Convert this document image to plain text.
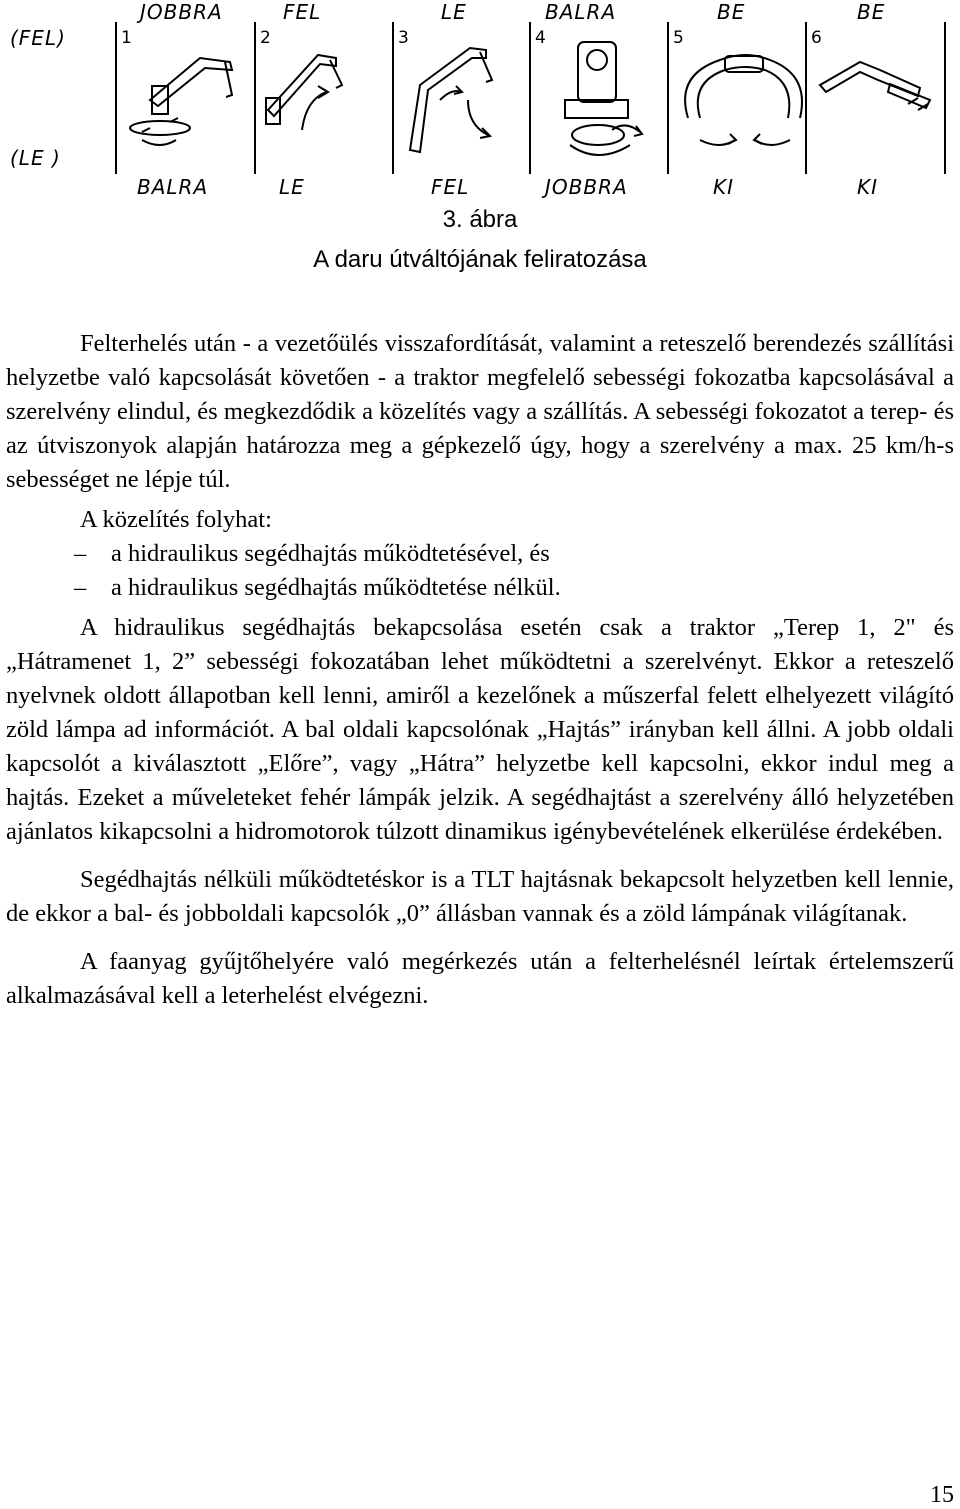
(FEL)
(LE )
JOBBRA	FEL	LE	BALRA	BE	BE
BALRA	LE	FEL	JOBBRA	KI	KI
1	2	3	4	5	6
3. ábra
A daru útváltójának feliratozása

Felterhelés után - a vezetőülés visszafordítását, valamint a reteszelő berendezés szállítási helyzetbe való kapcsolását követően - a traktor megfelelő sebességi fokozatba kapcsolásával a szerelvény elindul, és megkezdődik a közelítés vagy a szállítás. A sebességi fokozatot a terep- és az útviszonyok alapján határozza meg a gépkezelő úgy, hogy a szerelvény a max. 25 km/h-s sebességet ne lépje túl.

A közelítés folyhat:

– a hidraulikus segédhajtás működtetésével, és
– a hidraulikus segédhajtás működtetése nélkül.

A hidraulikus segédhajtás bekapcsolása esetén csak a traktor „Terep 1, 2" és „Hátramenet 1, 2” sebességi fokozatában lehet működtetni a szerelvényt. Ekkor a reteszelő nyelvnek oldott állapotban kell lenni, amiről a kezelőnek a műszerfal felett elhelyezett világító zöld lámpa ad információt. A bal oldali kapcsolónak „Hajtás” irányban kell állni. A jobb oldali kapcsolót a kiválasztott „Előre”, vagy „Hátra” helyzetbe kell kapcsolni, ekkor indul meg a hajtás. Ezeket a műveleteket fehér lámpák jelzik. A segédhajtást a szerelvény álló helyzetében ajánlatos kikapcsolni a hidromotorok túlzott dinamikus igénybevételének elkerülése érdekében.

Segédhajtás nélküli működtetéskor is a TLT hajtásnak bekapcsolt helyzetben kell lennie, de ekkor a bal- és jobboldali kapcsolók „0” állásban vannak és a zöld lámpának világítanak.

A faanyag gyűjtőhelyére való megérkezés után a felterhelésnél leírtak értelemszerű alkalmazásával kell a leterhelést elvégezni.

15
